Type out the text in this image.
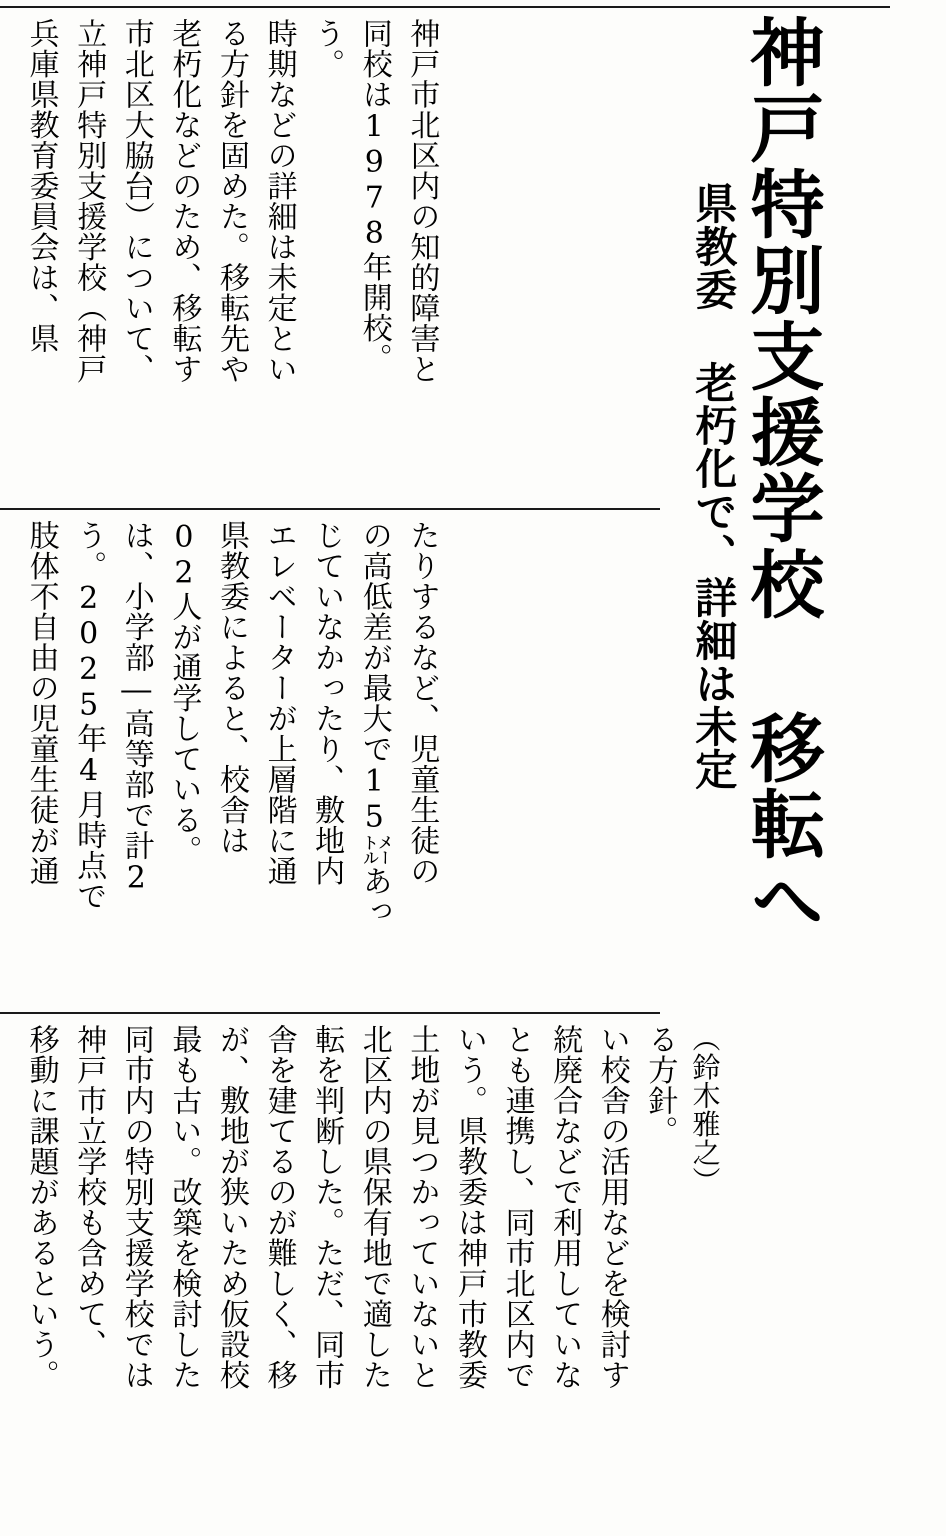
県教委 老朽化で、詳細は未定 神戸特別支援学校 移転へ
兵庫県教育委員会は、県 立神戸特別支援学校（神戸 市北区大脇台）について、 老朽化などのため、移転す る方針を固めた。移転先や 時期などの詳細は未定とい う。 同校は1978年開校。 神戸市北区内の知的障害と
肢体不自由の児童生徒が通 う。2025年4月時点で は、小学部―高等部で計2 02人が通学している。 県教委によると、校舎は エレベーターが上層階に通 じていなかったり、敷地内 の高低差が最大で15㍍あっ たりするなど、児童生徒の
移動に課題があるという。 神戸市立学校も含めて、 同市内の特別支援学校では 最も古い。改築を検討した が、敷地が狭いため仮設校 舎を建てるのが難しく、移 転を判断した。ただ、同市 北区内の県保有地で適した 土地が見つかっていないと いう。県教委は神戸市教委 とも連携し、同市北区内で 統廃合などで利用していな い校舎の活用などを検討す る方針。 （鈴木雅之）
